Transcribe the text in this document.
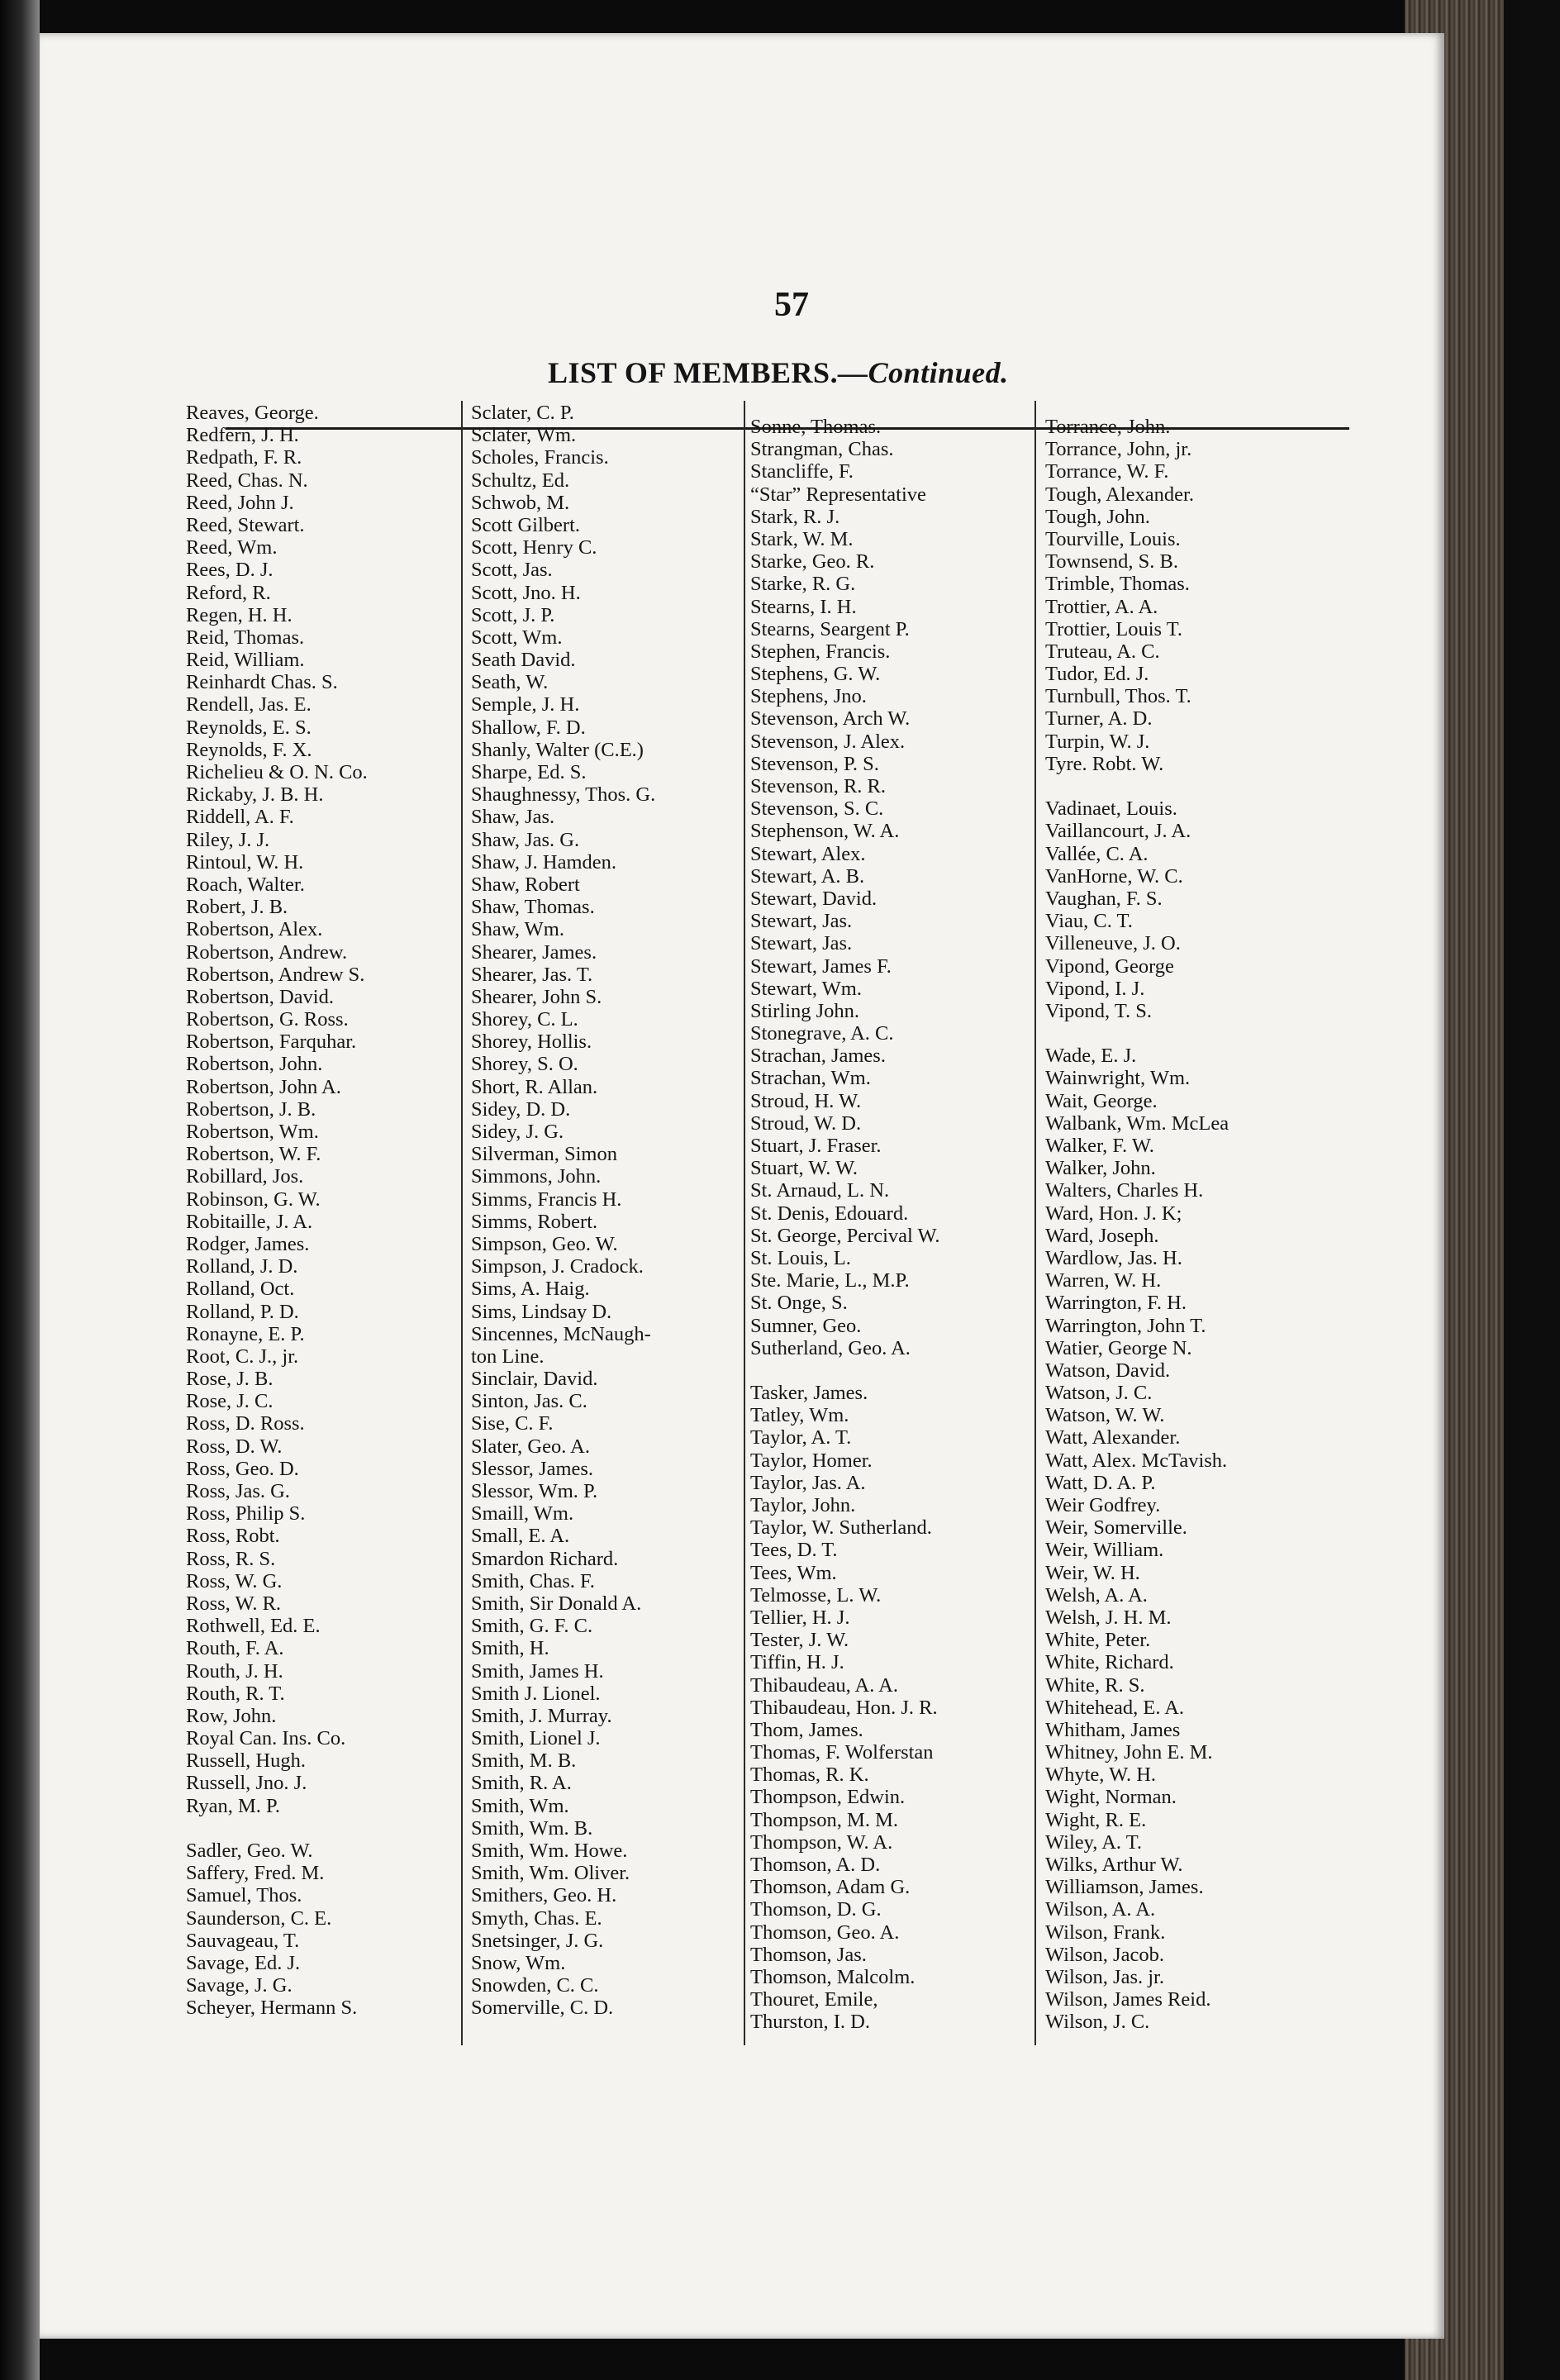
57
LIST OF MEMBERS.—Continued.
Reaves, George.
Redfern, J. H.
Redpath, F. R.
Reed, Chas. N.
Reed, John J.
Reed, Stewart.
Reed, Wm.
Rees, D. J.
Reford, R.
Regen, H. H.
Reid, Thomas.
Reid, William.
Reinhardt Chas. S.
Rendell, Jas. E.
Reynolds, E. S.
Reynolds, F. X.
Richelieu & O. N. Co.
Rickaby, J. B. H.
Riddell, A. F.
Riley, J. J.
Rintoul, W. H.
Roach, Walter.
Robert, J. B.
Robertson, Alex.
Robertson, Andrew.
Robertson, Andrew S.
Robertson, David.
Robertson, G. Ross.
Robertson, Farquhar.
Robertson, John.
Robertson, John A.
Robertson, J. B.
Robertson, Wm.
Robertson, W. F.
Robillard, Jos.
Robinson, G. W.
Robitaille, J. A.
Rodger, James.
Rolland, J. D.
Rolland, Oct.
Rolland, P. D.
Ronayne, E. P.
Root, C. J., jr.
Rose, J. B.
Rose, J. C.
Ross, D. Ross.
Ross, D. W.
Ross, Geo. D.
Ross, Jas. G.
Ross, Philip S.
Ross, Robt.
Ross, R. S.
Ross, W. G.
Ross, W. R.
Rothwell, Ed. E.
Routh, F. A.
Routh, J. H.
Routh, R. T.
Row, John.
Royal Can. Ins. Co.
Russell, Hugh.
Russell, Jno. J.
Ryan, M. P.
Sadler, Geo. W.
Saffery, Fred. M.
Samuel, Thos.
Saunderson, C. E.
Sauvageau, T.
Savage, Ed. J.
Savage, J. G.
Scheyer, Hermann S.
Sclater, C. P.
Sclater, Wm.
Scholes, Francis.
Schultz, Ed.
Schwob, M.
Scott Gilbert.
Scott, Henry C.
Scott, Jas.
Scott, Jno. H.
Scott, J. P.
Scott, Wm.
Seath David.
Seath, W.
Semple, J. H.
Shallow, F. D.
Shanly, Walter (C.E.)
Sharpe, Ed. S.
Shaughnessy, Thos. G.
Shaw, Jas.
Shaw, Jas. G.
Shaw, J. Hamden.
Shaw, Robert
Shaw, Thomas.
Shaw, Wm.
Shearer, James.
Shearer, Jas. T.
Shearer, John S.
Shorey, C. L.
Shorey, Hollis.
Shorey, S. O.
Short, R. Allan.
Sidey, D. D.
Sidey, J. G.
Silverman, Simon
Simmons, John.
Simms, Francis H.
Simms, Robert.
Simpson, Geo. W.
Simpson, J. Cradock.
Sims, A. Haig.
Sims, Lindsay D.
Sincennes, McNaugh-
ton Line.
Sinclair, David.
Sinton, Jas. C.
Sise, C. F.
Slater, Geo. A.
Slessor, James.
Slessor, Wm. P.
Smaill, Wm.
Small, E. A.
Smardon Richard.
Smith, Chas. F.
Smith, Sir Donald A.
Smith, G. F. C.
Smith, H.
Smith, James H.
Smith J. Lionel.
Smith, J. Murray.
Smith, Lionel J.
Smith, M. B.
Smith, R. A.
Smith, Wm.
Smith, Wm. B.
Smith, Wm. Howe.
Smith, Wm. Oliver.
Smithers, Geo. H.
Smyth, Chas. E.
Snetsinger, J. G.
Snow, Wm.
Snowden, C. C.
Somerville, C. D.
Sonne, Thomas.
Strangman, Chas.
Stancliffe, F.
“Star” Representative
Stark, R. J.
Stark, W. M.
Starke, Geo. R.
Starke, R. G.
Stearns, I. H.
Stearns, Seargent P.
Stephen, Francis.
Stephens, G. W.
Stephens, Jno.
Stevenson, Arch W.
Stevenson, J. Alex.
Stevenson, P. S.
Stevenson, R. R.
Stevenson, S. C.
Stephenson, W. A.
Stewart, Alex.
Stewart, A. B.
Stewart, David.
Stewart, Jas.
Stewart, Jas.
Stewart, James F.
Stewart, Wm.
Stirling John.
Stonegrave, A. C.
Strachan, James.
Strachan, Wm.
Stroud, H. W.
Stroud, W. D.
Stuart, J. Fraser.
Stuart, W. W.
St. Arnaud, L. N.
St. Denis, Edouard.
St. George, Percival W.
St. Louis, L.
Ste. Marie, L., M.P.
St. Onge, S.
Sumner, Geo.
Sutherland, Geo. A.
Tasker, James.
Tatley, Wm.
Taylor, A. T.
Taylor, Homer.
Taylor, Jas. A.
Taylor, John.
Taylor, W. Sutherland.
Tees, D. T.
Tees, Wm.
Telmosse, L. W.
Tellier, H. J.
Tester, J. W.
Tiffin, H. J.
Thibaudeau, A. A.
Thibaudeau, Hon. J. R.
Thom, James.
Thomas, F. Wolferstan
Thomas, R. K.
Thompson, Edwin.
Thompson, M. M.
Thompson, W. A.
Thomson, A. D.
Thomson, Adam G.
Thomson, D. G.
Thomson, Geo. A.
Thomson, Jas.
Thomson, Malcolm.
Thouret, Emile,
Thurston, I. D.
Torrance, John.
Torrance, John, jr.
Torrance, W. F.
Tough, Alexander.
Tough, John.
Tourville, Louis.
Townsend, S. B.
Trimble, Thomas.
Trottier, A. A.
Trottier, Louis T.
Truteau, A. C.
Tudor, Ed. J.
Turnbull, Thos. T.
Turner, A. D.
Turpin, W. J.
Tyre. Robt. W.
Vadinaet, Louis.
Vaillancourt, J. A.
Vallée, C. A.
VanHorne, W. C.
Vaughan, F. S.
Viau, C. T.
Villeneuve, J. O.
Vipond, George
Vipond, I. J.
Vipond, T. S.
Wade, E. J.
Wainwright, Wm.
Wait, George.
Walbank, Wm. McLea
Walker, F. W.
Walker, John.
Walters, Charles H.
Ward, Hon. J. K;
Ward, Joseph.
Wardlow, Jas. H.
Warren, W. H.
Warrington, F. H.
Warrington, John T.
Watier, George N.
Watson, David.
Watson, J. C.
Watson, W. W.
Watt, Alexander.
Watt, Alex. McTavish.
Watt, D. A. P.
Weir Godfrey.
Weir, Somerville.
Weir, William.
Weir, W. H.
Welsh, A. A.
Welsh, J. H. M.
White, Peter.
White, Richard.
White, R. S.
Whitehead, E. A.
Whitham, James
Whitney, John E. M.
Whyte, W. H.
Wight, Norman.
Wight, R. E.
Wiley, A. T.
Wilks, Arthur W.
Williamson, James.
Wilson, A. A.
Wilson, Frank.
Wilson, Jacob.
Wilson, Jas. jr.
Wilson, James Reid.
Wilson, J. C.
